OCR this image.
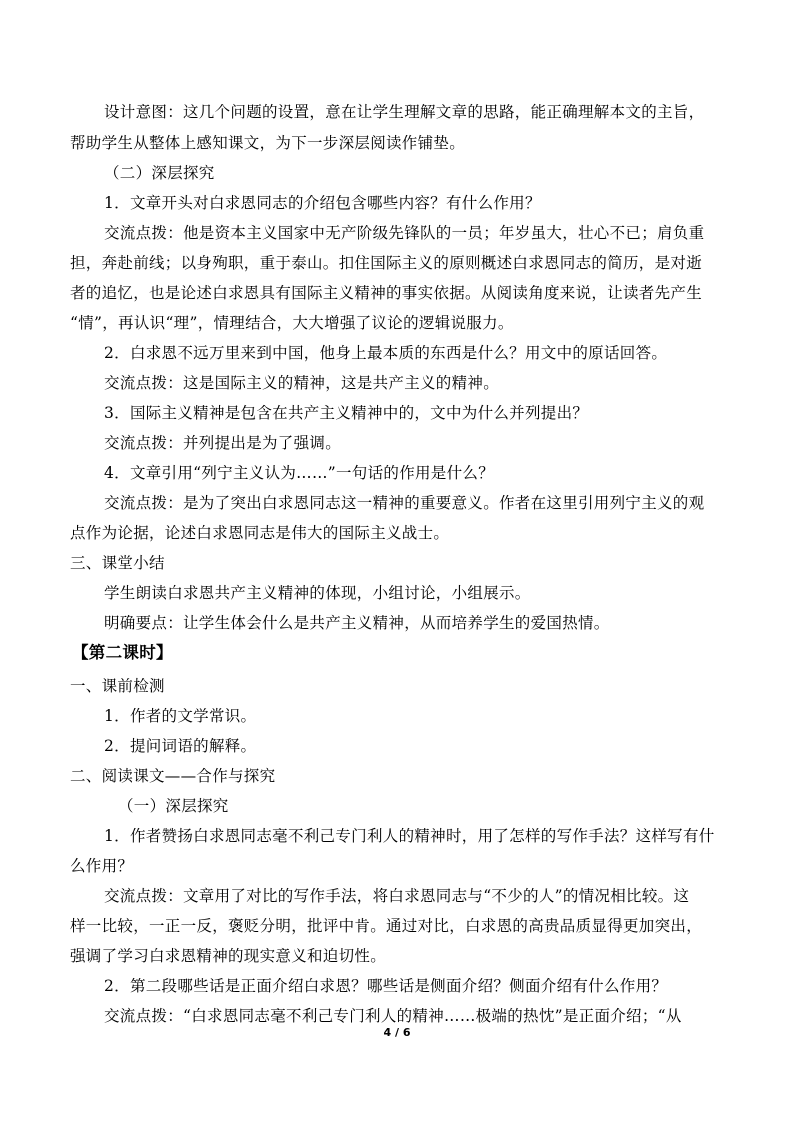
设计意图：这几个问题的设置，意在让学生理解文章的思路，能正确理解本文的主旨，
帮助学生从整体上感知课文，为下一步深层阅读作铺垫。
（二）深层探究
1．文章开头对白求恩同志的介绍包含哪些内容？有什么作用？
交流点拨：他是资本主义国家中无产阶级先锋队的一员；年岁虽大，壮心不已；肩负重
担，奔赴前线；以身殉职，重于泰山。扣住国际主义的原则概述白求恩同志的简历，是对逝
者的追忆，也是论述白求恩具有国际主义精神的事实依据。从阅读角度来说，让读者先产生
“情”，再认识“理”，情理结合，大大增强了议论的逻辑说服力。
2．白求恩不远万里来到中国，他身上最本质的东西是什么？用文中的原话回答。
交流点拨：这是国际主义的精神，这是共产主义的精神。
3．国际主义精神是包含在共产主义精神中的，文中为什么并列提出？
交流点拨：并列提出是为了强调。
4．文章引用“列宁主义认为……”一句话的作用是什么？
交流点拨：是为了突出白求恩同志这一精神的重要意义。作者在这里引用列宁主义的观
点作为论据，论述白求恩同志是伟大的国际主义战士。
三、课堂小结
学生朗读白求恩共产主义精神的体现，小组讨论，小组展示。
明确要点：让学生体会什么是共产主义精神，从而培养学生的爱国热情。
【第二课时】
一、课前检测
1．作者的文学常识。
2．提问词语的解释。
二、阅读课文——合作与探究
（一）深层探究
1．作者赞扬白求恩同志毫不利己专门利人的精神时，用了怎样的写作手法？这样写有什
么作用？
交流点拨：文章用了对比的写作手法，将白求恩同志与“不少的人”的情况相比较。这
样一比较，一正一反，褒贬分明，批评中肯。通过对比，白求恩的高贵品质显得更加突出，
强调了学习白求恩精神的现实意义和迫切性。
2．第二段哪些话是正面介绍白求恩？哪些话是侧面介绍？侧面介绍有什么作用？
交流点拨：“白求恩同志毫不利己专门利人的精神……极端的热忱”是正面介绍；“从
4 / 6
